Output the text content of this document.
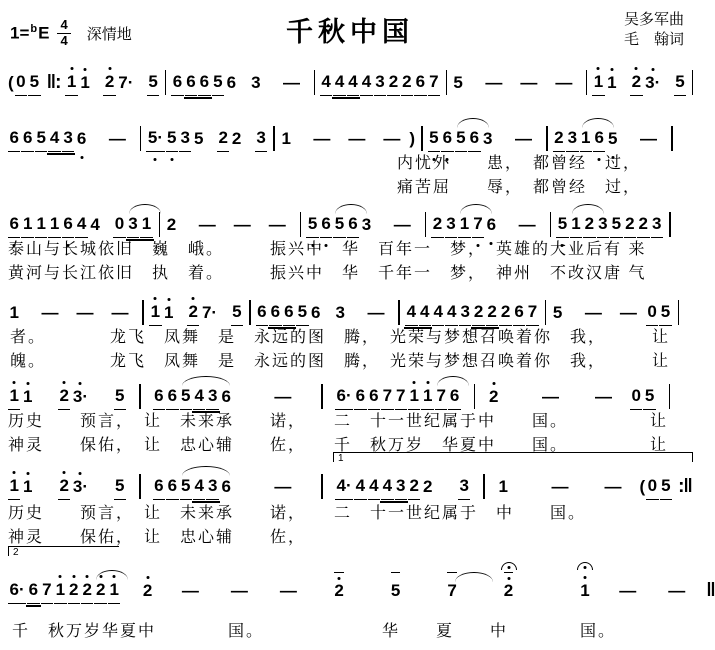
$1=^bE \frac{4}{4}$ 深情地	千秋中国	吴多军曲
毛　翰词
( 0 5 ‖: 1 1 2 7· 5 6 6 6 5 6 3 — 4 4 4 4 3 2 2 6 7 5 — — — 1 1 2 3· 5
6 6 5 4 3 6 — 5· 5 3 5 2 2 3 1 — — — ) 5 6 5 6 3 — 2 3 1 6 5 —
内忧外　　患，　都曾经　过，
痛苦屈　　辱，　都曾经　过，
6 1 1 1 6 4 4 0 3 1 2 — — — 5 6 5 6 3 — 2 3 1 7 6 — 5 1 2 3 5 2 2 3
泰山与长城依旧　巍　峨。　　　振兴中　华　百年一　梦，　英雄的大业后有 来
黄河与长江依旧　执　着。　　　振兴中　华　千年一　梦，　神州　不改汉唐 气
1 — — — 1 1 2 7· 5 6 6 6 5 6 3 — 4 4 4 4 3 2 2 2 6 7 5 — — 0 5
者。　　　　龙飞　凤舞　是　永远的图　腾，　光荣与梦想召唤着你　我，　　　让
魄。　　　　龙飞　凤舞　是　永远的图　腾，　光荣与梦想召唤着你　我，　　　让
1 1 2 3· 5 6 6 5 4 3 6	—	6· 6 6 7 7 1 1 7 6 2	— — 0 5
历史　　预言，　让　未来承　　诺，　　二　十一世纪属于中　　国。　　　　　让
神灵　　保佑，　让　忠心辅　　佐，　　千　秋万岁　华夏中　　国。　　　　　让
1
1 1 2 3· 5 6 6 5 4 3 6	—	4· 4 4 4 3 2 2 3 1	— — ( 0 5 :‖
历史　　预言，　让　未来承　　诺，　　二　十一世纪属于　中　　国。
神灵　　保佑，　让　忠心辅　　佐，
2
6· 6 7 1 2 2 2 1 2 — — — 2	5	7	2	1 — — ‖
千　秋万岁华夏中　　　　国。　　　　　　　华　　夏　　中　　　　国。
